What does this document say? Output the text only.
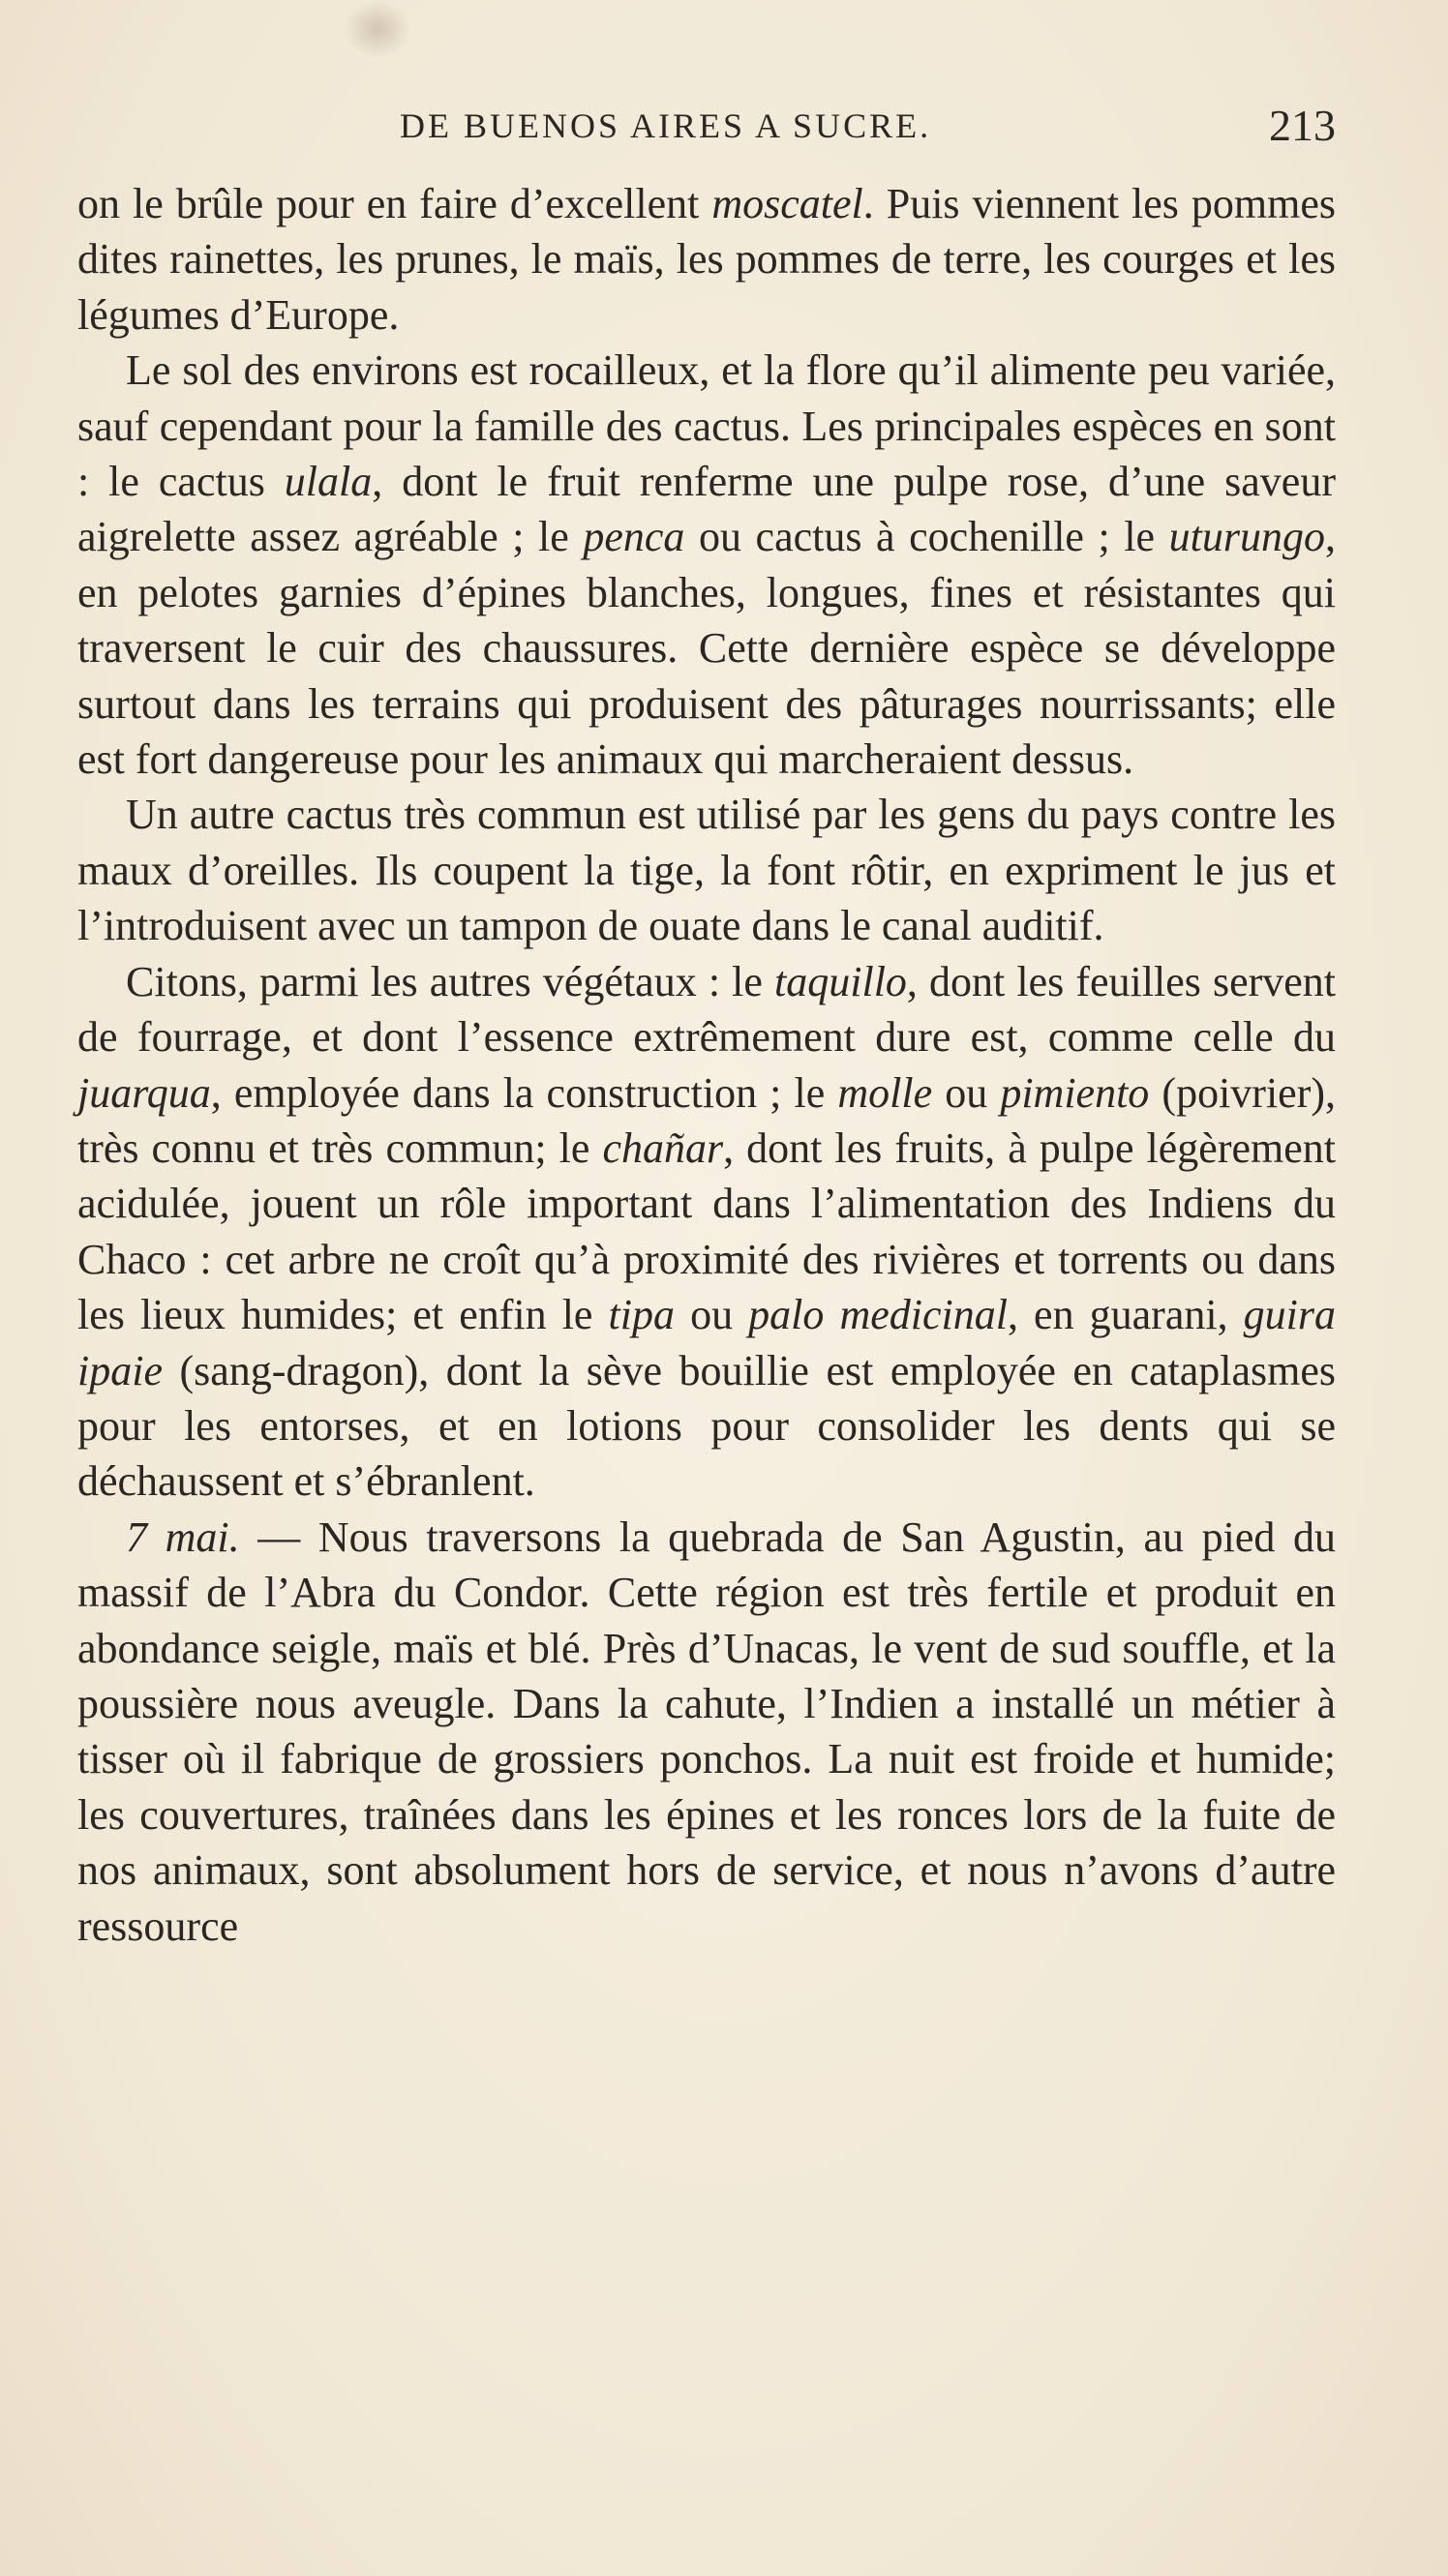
DE BUENOS AIRES A SUCRE.	213

on le brûle pour en faire d’excellent moscatel. Puis viennent les pommes dites rainettes, les prunes, le maïs, les pommes de terre, les courges et les légumes d’Europe.

Le sol des environs est rocailleux, et la flore qu’il alimente peu variée, sauf cependant pour la famille des cactus. Les principales espèces en sont : le cactus ulala, dont le fruit renferme une pulpe rose, d’une saveur aigrelette assez agréable ; le penca ou cactus à cochenille ; le uturungo, en pelotes garnies d’épines blanches, longues, fines et résistantes qui traversent le cuir des chaussures. Cette dernière espèce se développe surtout dans les terrains qui produisent des pâturages nourrissants; elle est fort dangereuse pour les animaux qui marcheraient dessus.

Un autre cactus très commun est utilisé par les gens du pays contre les maux d’oreilles. Ils coupent la tige, la font rôtir, en expriment le jus et l’introduisent avec un tampon de ouate dans le canal auditif.

Citons, parmi les autres végétaux : le taquillo, dont les feuilles servent de fourrage, et dont l’essence extrêmement dure est, comme celle du juarqua, employée dans la construction ; le molle ou pimiento (poivrier), très connu et très commun; le chañar, dont les fruits, à pulpe légèrement acidulée, jouent un rôle important dans l’alimentation des Indiens du Chaco : cet arbre ne croît qu’à proximité des rivières et torrents ou dans les lieux humides; et enfin le tipa ou palo medicinal, en guarani, guira ipaie (sang-dragon), dont la sève bouillie est employée en cataplasmes pour les entorses, et en lotions pour consolider les dents qui se déchaussent et s’ébranlent.

7 mai. — Nous traversons la quebrada de San Agustin, au pied du massif de l’Abra du Condor. Cette région est très fertile et produit en abondance seigle, maïs et blé. Près d’Unacas, le vent de sud souffle, et la poussière nous aveugle. Dans la cahute, l’Indien a installé un métier à tisser où il fabrique de grossiers ponchos. La nuit est froide et humide; les couvertures, traînées dans les épines et les ronces lors de la fuite de nos animaux, sont absolument hors de service, et nous n’avons d’autre ressource
